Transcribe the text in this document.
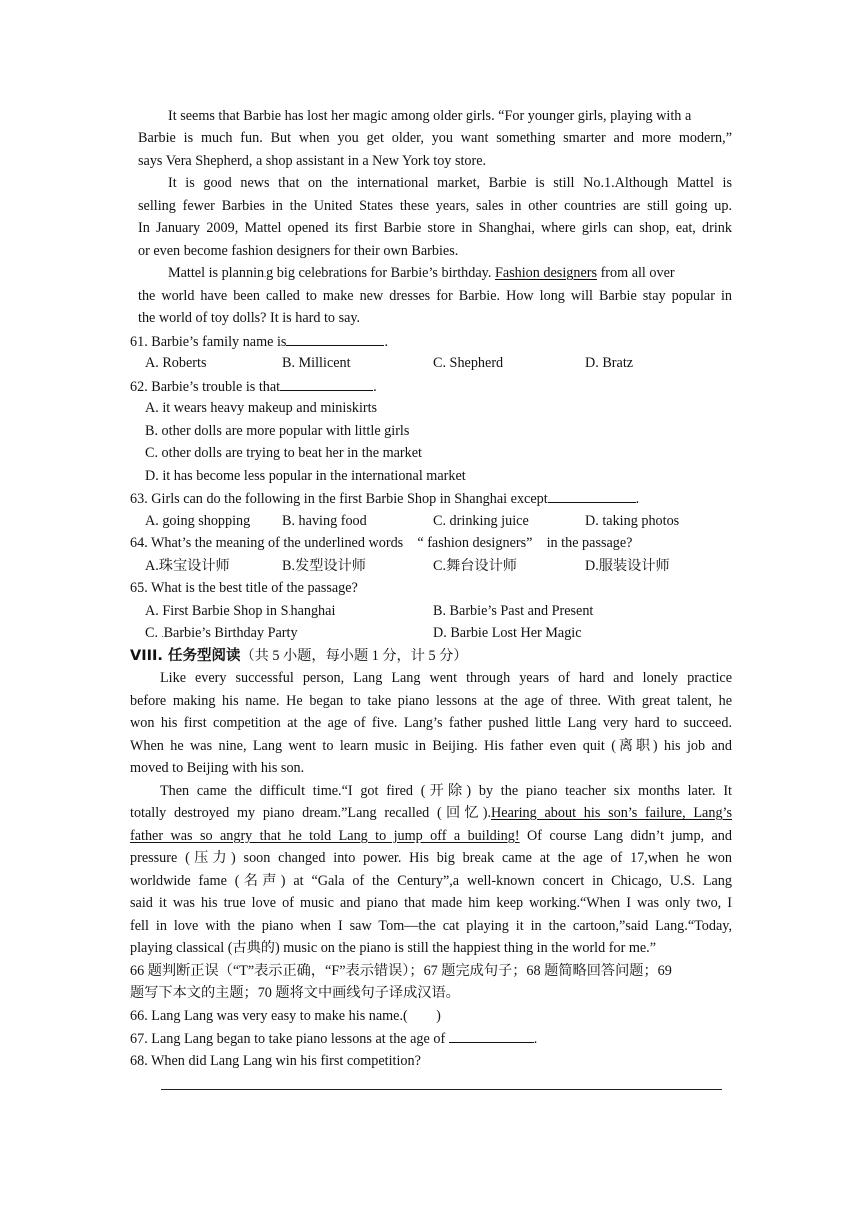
It seems that Barbie has lost her magic among older girls. “For younger girls, playing with a
Barbie is much fun. But when you get older, you want something smarter and more modern,”
says Vera Shepherd, a shop assistant in a New York toy store.
It is good news that on the international market, Barbie is still No.1.Although Mattel is
selling fewer Barbies in the United States these years, sales in other countries are still going up.
In January 2009, Mattel opened its first Barbie store in Shanghai, where girls can shop, eat, drink
or even become fashion designers for their own Barbies.
Mattel is plannin.g big celebrations for Barbie’s birthday. Fashion designers from all over
the world have been called to make new dresses for Barbie. How long will Barbie stay popular in
the world of toy dolls? It is hard to say.
61. Barbie’s family name is	.
A. Roberts	B. Millicent	C. Shepherd	D. Bratz
62. Barbie’s trouble is that	.
A. it wears heavy makeup and miniskirts
B. other dolls are more popular with little girls
C. other dolls are trying to beat her in the market
D. it has become less popular in the international market
63. Girls can do the following in the first Barbie Shop in Shanghai except	.
A. going shopping B. having food	C. drinking juice	D. taking photos
64. What’s the meaning of the underlined words　“ fashion designers”　in the passage?
A.珠宝设计师	B.发型设计师	C.舞台设计师	D.服装设计师
65. What is the best title of the passage?
A. First Barbie Shop in S.hanghai	B. Barbie’s Past and Present
C. .Barbie’s Birthday Party	D. Barbie Lost Her Magic
VIII. 任务型阅读（共 5 小题，每小题 1 分，计 5 分）
Like every successful person, Lang Lang went through years of hard and lonely practice
before making his name. He began to take piano lessons at the age of three. With great talent, he
won his first competition at the age of five. Lang’s father pushed little Lang very hard to succeed.
When he was nine, Lang went to learn music in Beijing. His father even quit (离职) his job and
moved to Beijing with his son.
Then came the difficult time.“I got fired (开除) by the piano teacher six months later. It
totally destroyed my piano dream.”Lang recalled (回忆).Hearing about his son’s failure, Lang’s
father was so angry that he told Lang to jump off a building! Of course Lang didn’t jump, and
pressure (压力) soon changed into power. His big break came at the age of 17,when he won
worldwide fame (名声) at “Gala of the Century”,a well-known concert in Chicago, U.S. Lang
said it was his true love of music and piano that made him keep working.“When I was only two, I
fell in love with the piano when I saw Tom—the cat playing it in the cartoon,”said Lang.“Today,
playing classical (古典的) music on the piano is still the happiest thing in the world for me.”
66 题判断正误（“T”表示正确，“F”表示错误）；67 题完成句子；68 题简略回答问题；69
题写下本文的主题；70 题将文中画线句子译成汉语。
66. Lang Lang was very easy to make his name.(　　)
67. Lang Lang began to take piano lessons at the age of	.
68. When did Lang Lang win his first competition?
